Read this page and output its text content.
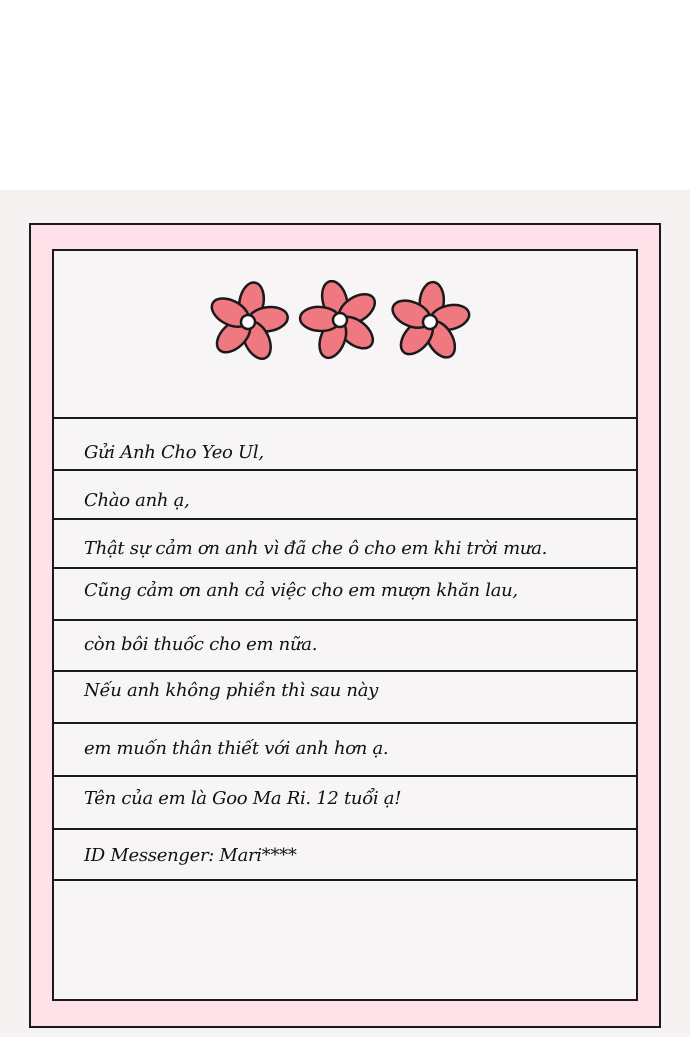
Gửi Anh Cho Yeo Ul,
Chào anh ạ,
Thật sự cảm ơn anh vì đã che ô cho em khi trời mưa.
Cũng cảm ơn anh cả việc cho em mượn khăn lau,
còn bôi thuốc cho em nữa.
Nếu anh không phiền thì sau này
em muốn thân thiết với anh hơn ạ.
Tên của em là Goo Ma Ri. 12 tuổi ạ!
ID Messenger: Mari****
